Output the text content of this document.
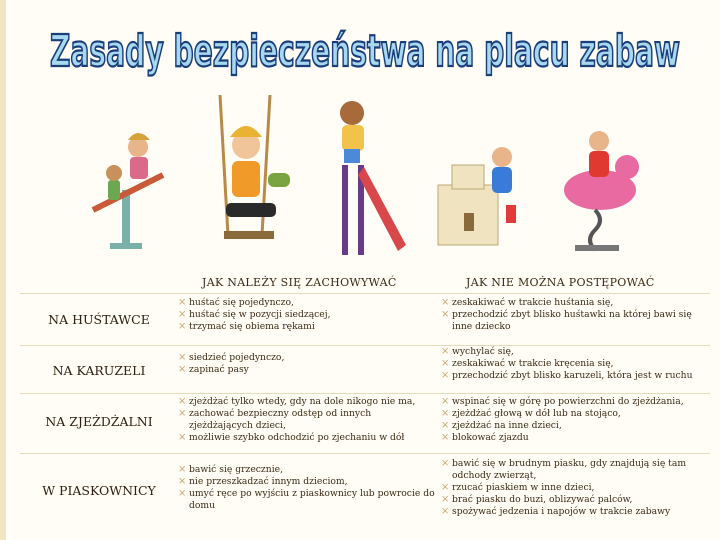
Zasady bezpieczeństwa na placu zabaw
JAK NALEŻY SIĘ ZACHOWYWAĆ	JAK NIE MOŻNA POSTĘPOWAĆ
NA HUŚTAWCE
× huśtać się pojedynczo,
× huśtać się w pozycji siedzącej,
× trzymać się obiema rękami
× zeskakiwać w trakcie huśtania się,
× przechodzić zbyt blisko huśtawki na której bawi się inne dziecko
NA KARUZELI
× siedzieć pojedynczo,
× zapinać pasy
× wychylać się,
× zeskakiwać w trakcie kręcenia się,
× przechodzić zbyt blisko karuzeli, która jest w ruchu
NA ZJEŻDŻALNI
× zjeżdżać tylko wtedy, gdy na dole nikogo nie ma,
× zachować bezpieczny odstęp od innych zjeżdżających dzieci,
× możliwie szybko odchodzić po zjechaniu w dół
× wspinać się w górę po powierzchni do zjeżdżania,
× zjeżdżać głową w dół lub na stojąco,
× zjeżdżać na inne dzieci,
× blokować zjazdu
W PIASKOWNICY
× bawić się grzecznie,
× nie przeszkadzać innym dzieciom,
× umyć ręce po wyjściu z piaskownicy lub powrocie do domu
× bawić się w brudnym piasku, gdy znajdują się tam odchody zwierząt,
× rzucać piaskiem w inne dzieci,
× brać piasku do buzi, oblizywać palców,
× spożywać jedzenia i napojów w trakcie zabawy
